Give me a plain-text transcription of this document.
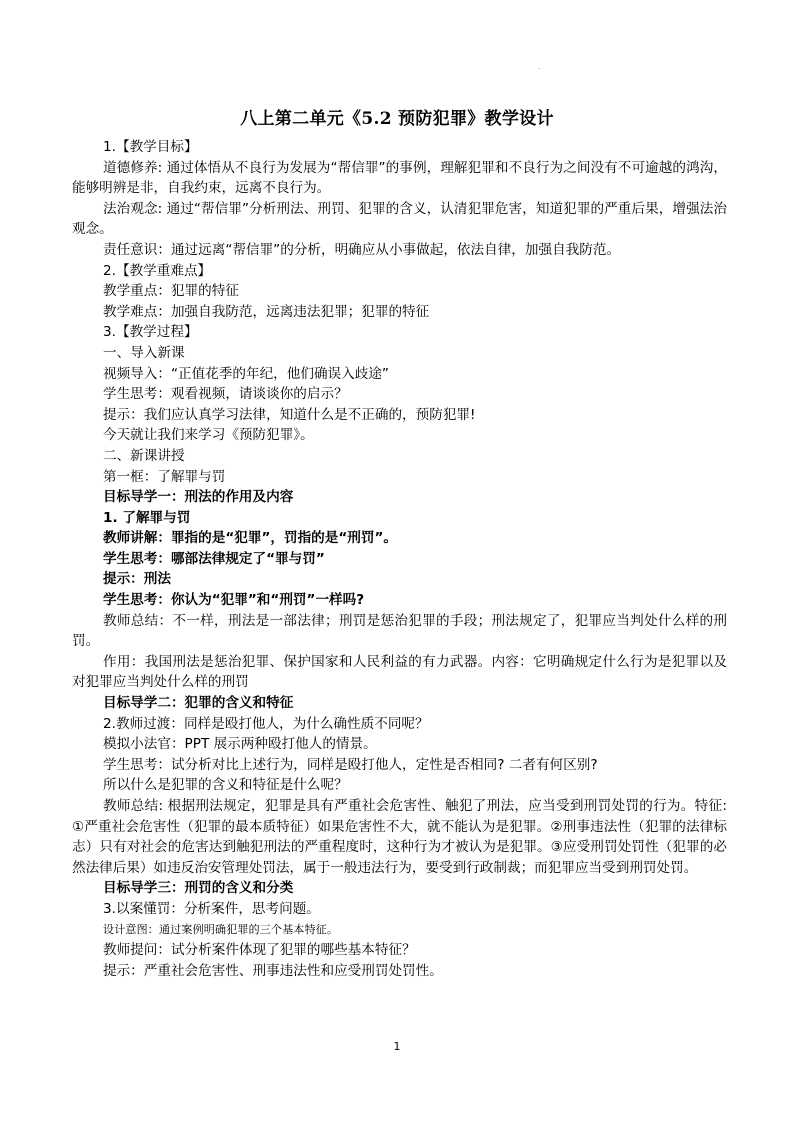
.
八上第二单元《5.2 预防犯罪》教学设计

1.【教学目标】

道德修养: 通过体悟从不良行为发展为“帮信罪”的事例，理解犯罪和不良行为之间没有不可逾越的鸿沟，能够明辨是非，自我约束，远离不良行为。

法治观念: 通过“帮信罪”分析刑法、刑罚、犯罪的含义，认清犯罪危害，知道犯罪的严重后果，增强法治观念。

责任意识：通过远离“帮信罪”的分析，明确应从小事做起，依法自律，加强自我防范。

2.【教学重难点】

教学重点：犯罪的特征

教学难点：加强自我防范，远离违法犯罪；犯罪的特征

3.【教学过程】

一、导入新课

视频导入：“正值花季的年纪，他们确误入歧途”

学生思考：观看视频，请谈谈你的启示？

提示：我们应认真学习法律，知道什么是不正确的，预防犯罪!

今天就让我们来学习《预防犯罪》。

二、新课讲授

第一框：了解罪与罚

目标导学一：刑法的作用及内容

1. 了解罪与罚

教师讲解：罪指的是“犯罪”，罚指的是“刑罚”。

学生思考：哪部法律规定了“罪与罚”

提示：刑法

学生思考：你认为“犯罪”和“刑罚”一样吗?

教师总结：不一样，刑法是一部法律；刑罚是惩治犯罪的手段；刑法规定了，犯罪应当判处什么样的刑罚。

作用：我国刑法是惩治犯罪、保护国家和人民利益的有力武器。内容：它明确规定什么行为是犯罪以及对犯罪应当判处什么样的刑罚

目标导学二：犯罪的含义和特征

2.教师过渡：同样是殴打他人，为什么确性质不同呢？

模拟小法官：PPT 展示两种殴打他人的情景。

学生思考：试分析对比上述行为，同样是殴打他人，定性是否相同? 二者有何区别?

所以什么是犯罪的含义和特征是什么呢？

教师总结: 根据刑法规定，犯罪是具有严重社会危害性、触犯了刑法，应当受到刑罚处罚的行为。特征: ①严重社会危害性（犯罪的最本质特征）如果危害性不大，就不能认为是犯罪。②刑事违法性（犯罪的法律标志）只有对社会的危害达到触犯刑法的严重程度时，这种行为才被认为是犯罪。③应受刑罚处罚性（犯罪的必然法律后果）如违反治安管理处罚法，属于一般违法行为，要受到行政制裁；而犯罪应当受到刑罚处罚。

目标导学三：刑罚的含义和分类

3.以案懂罚：分析案件，思考问题。

设计意图：通过案例明确犯罪的三个基本特征。

教师提问：试分析案件体现了犯罪的哪些基本特征？

提示：严重社会危害性、刑事违法性和应受刑罚处罚性。

1
